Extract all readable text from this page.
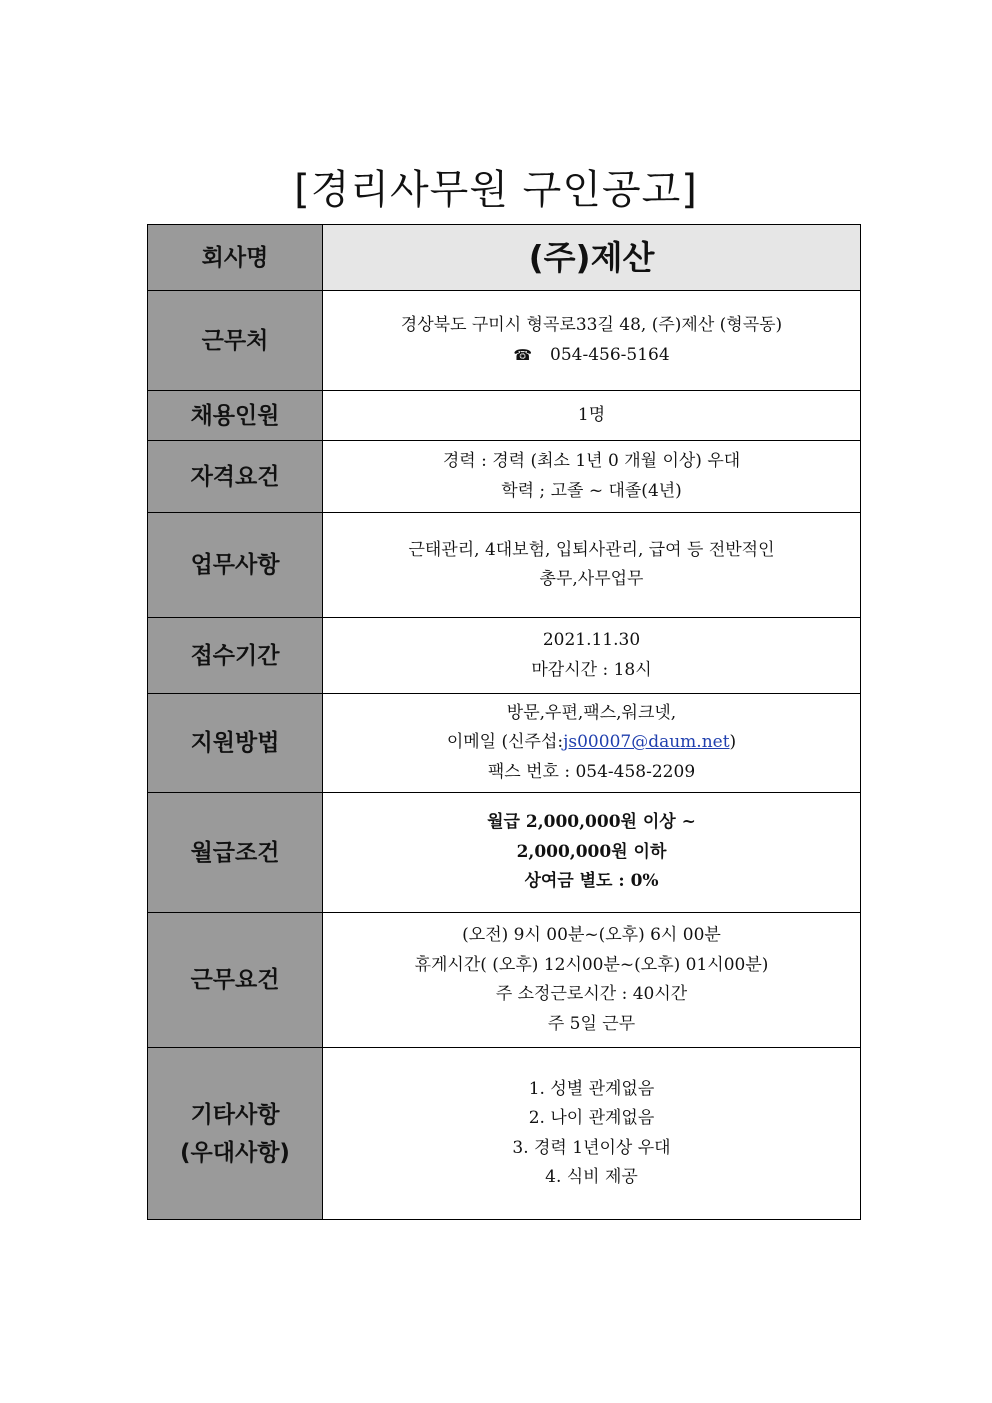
[경리사무원 구인공고]
회사명	(주)제산
근무처	경상북도 구미시 형곡로33길 48, (주)제산 (형곡동)
☎ 054-456-5164

채용인원	1명
자격요건	경력 : 경력 (최소 1년 0 개월 이상) 우대
학력 ; 고졸 ~ 대졸(4년)

업무사항	근태관리, 4대보험, 입퇴사관리, 급여 등 전반적인
총무,사무업무

접수기간	2021.11.30
마감시간 : 18시

지원방법	방문,우편,팩스,워크넷,
이메일 (신주섭:js00007@daum.net)
팩스 번호 : 054-458-2209

월급조건	월급 2,000,000원 이상 ~
2,000,000원 이하
상여금 별도 : 0%

근무요건	(오전) 9시 00분~(오후) 6시 00분
휴게시간( (오후) 12시00분~(오후) 01시00분)
주 소정근로시간 : 40시간
주 5일 근무

기타사항
(우대사항)	1. 성별 관계없음
2. 나이 관계없음
3. 경력 1년이상 우대
4. 식비 제공
